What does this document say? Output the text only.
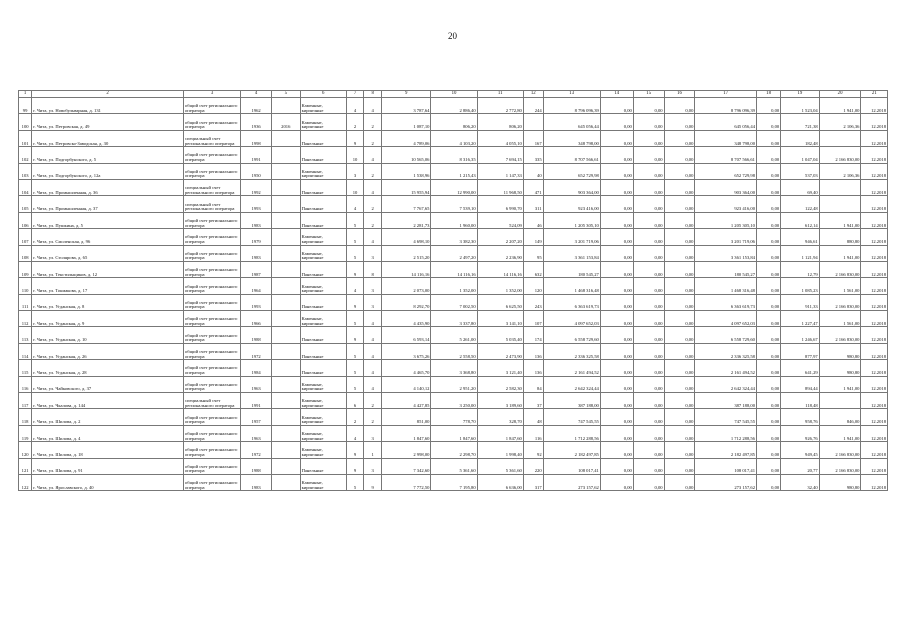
20
1	2	3	4	5	6	7	8	9	10	11	12	13	14	15	16	17	18	19	20	21
99	г. Чита, ул. Новобульварная, д. 131	общий счет регионального оператора	1962		Каменные, кирпичные	4	4	3 787,64	2 886,40	2 772,80	244	8 796 096,39	0,00	0,00	0,00	8 796 096,39	0,00	1 523,04	1 941,00	12.2018
100	г. Чита, ул. Петровская, д. 49	общий счет регионального оператора	1936	2016	Каменные, кирпичные	2	2	1 087,10	806,20	806,20		645 056,44	0,00	0,00	0,00	645 056,44	0,00	721,38	2 106,36	12.2018
101	г. Чита, ул. Петровско-Заводская, д. 30	специальный счет регионального оператора	1998		Панельные	9	2	4 789,06	4 103,20	4 055,10	167	348 798,00	0,00	0,00	0,00	348 798,00	0,00	182,48		12.2018
102	г. Чита, ул. Подгорбунского, д. 5	общий счет регионального оператора	1991		Панельные	10	4	10 565,06	8 316,35	7 694,15	335	8 707 566,61	0,00	0,00	0,00	8 707 566,61	0,00	1 047,04	2 166 830,00	12.2018
103	г. Чита, ул. Подгорбунского, д. 12а	общий счет регионального оператора	1950		Каменные, кирпичные	3	2	1 538,96	1 215,43	1 147,33	40	652 729,98	0,00	0,00	0,00	652 729,98	0,00	537,03	2 106,36	12.2018
104	г. Чита, ул. Промышленная, д. 36	специальный счет регионального оператора	1992		Панельные	10	4	15 955,94	12 990,00	11 968,50	471	903 364,00	0,00	0,00	0,00	903 364,00	0,00	69,40		12.2018
105	г. Чита, ул. Промышленная, д. 37	специальный счет регионального оператора	1993		Панельные	4	2	7 767,65	7 539,10	6 990,70	311	923 416,00	0,00	0,00	0,00	923 416,00	0,00	122,48		12.2018
106	г. Чита, ул. Пушкина, д. 5	общий счет регионального оператора	1983		Панельные	5	2	2 281,73	1 960,00	524,09	46	1 205 305,10	0,00	0,00	0,00	1 205 305,10	0,00	612,14	1 941,00	12.2018
107	г. Чита, ул. Смоленская, д. 96	общий счет регионального оператора	1979		Каменные, кирпичные	5	4	4 698,10	3 382,30	2 207,20	149	3 201 719,06	0,00	0,00	0,00	3 201 719,06	0,00	946,61	880,80	12.2018
108	г. Чита, ул. Столярова, д. 65	общий счет регионального оператора	1983		Каменные, кирпичные	5	3	2 515,20	2 497,20	2 236,90	95	3 361 153,84	0,00	0,00	0,00	3 361 153,84	0,00	1 121,94	1 941,00	12.2018
109	г. Чита, ул. Текстильщиков, д. 12	общий счет регионального оператора	1987		Панельные	9	8	14 116,16	14 116,16	14 116,16	632	180 545,27	0,00	0,00	0,00	180 545,27	0,00	12,79	2 166 830,00	12.2018
110	г. Чита, ул. Токмакова, д. 17	общий счет регионального оператора	1964		Каменные, кирпичные	4	3	2 073,00	1 352,00	1 352,00	120	1 468 316,48	0,00	0,00	0,00	1 468 316,48	0,00	1 085,23	1 561,00	12.2018
111	г. Чита, ул. Угданская, д. 8	общий счет регионального оператора	1993		Панельные	9	3	8 292,70	7 002,50	6 625,50	243	6 363 619,73	0,00	0,00	0,00	6 363 619,73	0,00	911,33	2 166 830,00	12.2018
112	г. Чита, ул. Угданская, д. 9	общий счет регионального оператора	1966		Каменные, кирпичные	5	4	4 435,90	3 337,80	3 141,10	107	4 097 652,03	0,00	0,00	0,00	4 097 652,03	0,00	1 227,47	1 561,00	12.2018
113	г. Чита, ул. Угданская, д. 10	общий счет регионального оператора	1988		Панельные	9	4	6 593,14	5 261,00	5 035,40	174	6 558 729,60	0,00	0,00	0,00	6 558 729,60	0,00	1 246,67	2 166 830,00	12.2018
114	г. Чита, ул. Угданская, д. 26	общий счет регионального оператора	1972		Панельные	5	4	3 675,26	2 558,50	2 473,90	136	2 336 325,58	0,00	0,00	0,00	2 336 325,58	0,00	877,97	980,80	12.2018
115	г. Чита, ул. Угданская, д. 28	общий счет регионального оператора	1984		Панельные	5	4	4 465,70	3 368,80	3 121,40	136	2 161 494,52	0,00	0,00	0,00	2 161 494,52	0,00	641,29	980,80	12.2018
116	г. Чита, ул. Чайковского, д. 37	общий счет регионального оператора	1963		Каменные, кирпичные	5	4	4 140,12	2 951,20	2 582,30	84	2 642 324,44	0,00	0,00	0,00	2 642 324,44	0,00	894,44	1 941,00	12.2018
117	г. Чита, ул. Чкалова, д. 144	специальный счет регионального оператора	1991		Каменные, кирпичные	6	2	4 427,85	3 250,00	3 189,60	37	387 188,00	0,00	0,00	0,00	387 188,00	0,00	118,48		12.2018
118	г. Чита, ул. Шилова, д. 2	общий счет регионального оператора	1957		Каменные, кирпичные	2	2	851,00	778,70	328,70	48	747 545,55	0,00	0,00	0,00	747 545,55	0,00	958,76	846,00	12.2018
119	г. Чита, ул. Шилова, д. 4	общий счет регионального оператора	1963		Каменные, кирпичные	4	3	1 847,60	1 847,60	1 847,60	116	1 712 288,56	0,00	0,00	0,00	1 712 288,56	0,00	926,76	1 941,00	12.2018
120	г. Чита, ул. Шилова, д. 18	общий счет регионального оператора	1972		Каменные, кирпичные	9	1	2 998,00	2 298,70	1 998,40	92	2 182 497,85	0,00	0,00	0,00	2 182 497,85	0,00	949,45	2 166 830,00	12.2018
121	г. Чита, ул. Шилова, д. 91	общий счет регионального оператора	1988		Панельные	9	3	7 342,60	5 361,60	5 361,60	220	108 017,41	0,00	0,00	0,00	108 017,41	0,00	20,77	2 166 830,00	12.2018
122	г. Чита, ул. Ярославского, д. 40	общий счет регионального оператора	1983		Каменные, кирпичные	5	9	7 772,50	7 195,80	6 636,00	317	273 157,62	0,00	0,00	0,00	273 157,62	0,00	32,40	980,80	12.2018
